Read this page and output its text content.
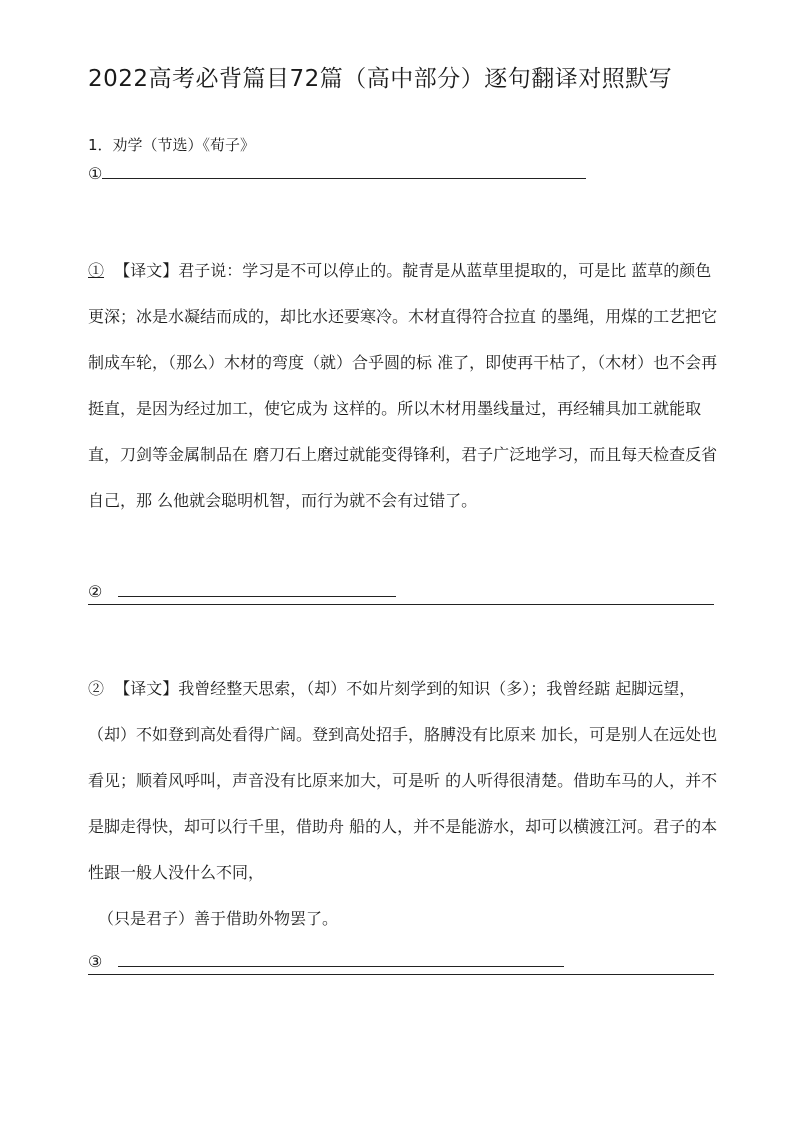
2022高考必背篇目72篇（高中部分）逐句翻译对照默写
1．劝学（节选）《荀子》
①

① 【译文】君子说：学习是不可以停止的。靛青是从蓝草里提取的，可是比 蓝草的颜色更深；冰是水凝结而成的，却比水还要寒冷。木材直得符合拉直 的墨绳，用煤的工艺把它制成车轮，（那么）木材的弯度（就）合乎圆的标 准了，即使再干枯了，（木材）也不会再挺直，是因为经过加工，使它成为 这样的。所以木材用墨线量过，再经辅具加工就能取直，刀剑等金属制品在 磨刀石上磨过就能变得锋利，君子广泛地学习，而且每天检查反省自己，那 么他就会聪明机智，而行为就不会有过错了。

②

② 【译文】我曾经整天思索，（却）不如片刻学到的知识（多）；我曾经踮 起脚远望，（却）不如登到高处看得广阔。登到高处招手，胳膊没有比原来 加长，可是别人在远处也看见；顺着风呼叫，声音没有比原来加大，可是听 的人听得很清楚。借助车马的人，并不是脚走得快，却可以行千里，借助舟 船的人，并不是能游水，却可以横渡江河。君子的本性跟一般人没什么不同，

（只是君子）善于借助外物罢了。

③
